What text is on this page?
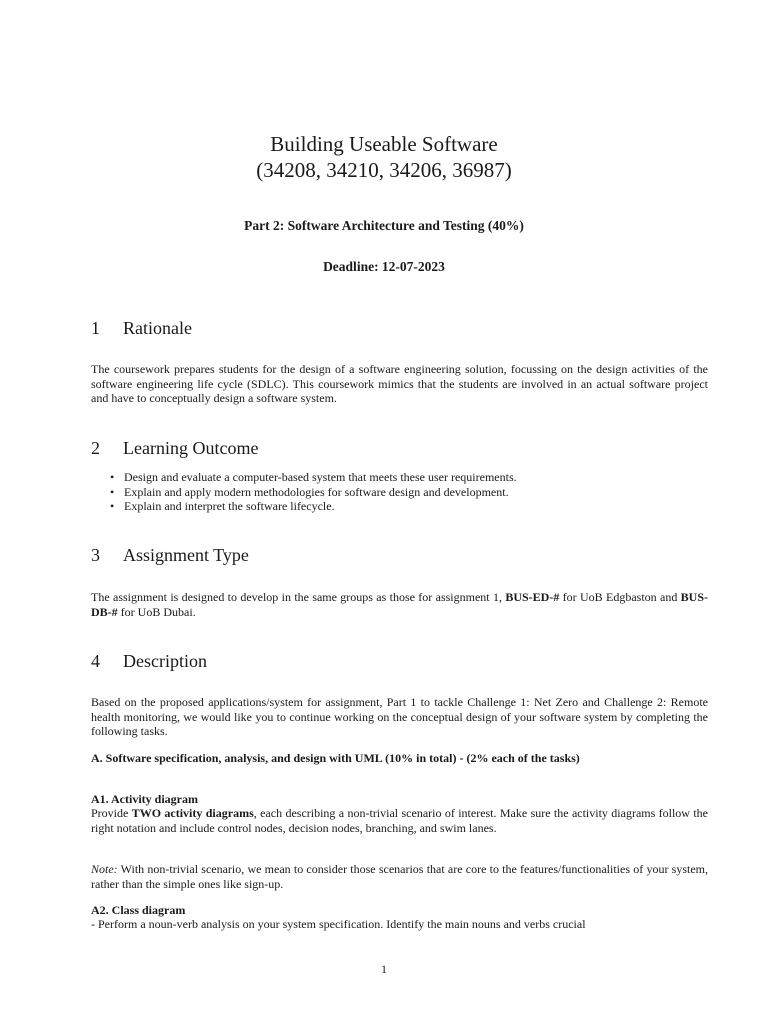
Building Useable Software
(34208, 34210, 34206, 36987)
Part 2: Software Architecture and Testing (40%)
Deadline: 12-07-2023
1 Rationale

The coursework prepares students for the design of a software engineering solution, focussing on the design activities of the software engineering life cycle (SDLC). This coursework mimics that the students are involved in an actual software project and have to conceptually design a software system.

2 Learning Outcome
• Design and evaluate a computer-based system that meets these user requirements.
• Explain and apply modern methodologies for software design and development.
• Explain and interpret the software lifecycle.
3 Assignment Type

The assignment is designed to develop in the same groups as those for assignment 1, BUS-ED-# for UoB Edgbaston and BUS-DB-# for UoB Dubai.

4 Description

Based on the proposed applications/system for assignment, Part 1 to tackle Challenge 1: Net Zero and Challenge 2: Remote health monitoring, we would like you to continue working on the conceptual design of your software system by completing the following tasks.

A. Software specification, analysis, and design with UML (10% in total) - (2% each of the tasks)

A1. Activity diagram

Provide TWO activity diagrams, each describing a non-trivial scenario of interest. Make sure the activity diagrams follow the right notation and include control nodes, decision nodes, branching, and swim lanes.

Note: With non-trivial scenario, we mean to consider those scenarios that are core to the features/functionalities of your system, rather than the simple ones like sign-up.

A2. Class diagram

- Perform a noun-verb analysis on your system specification. Identify the main nouns and verbs crucial

1
